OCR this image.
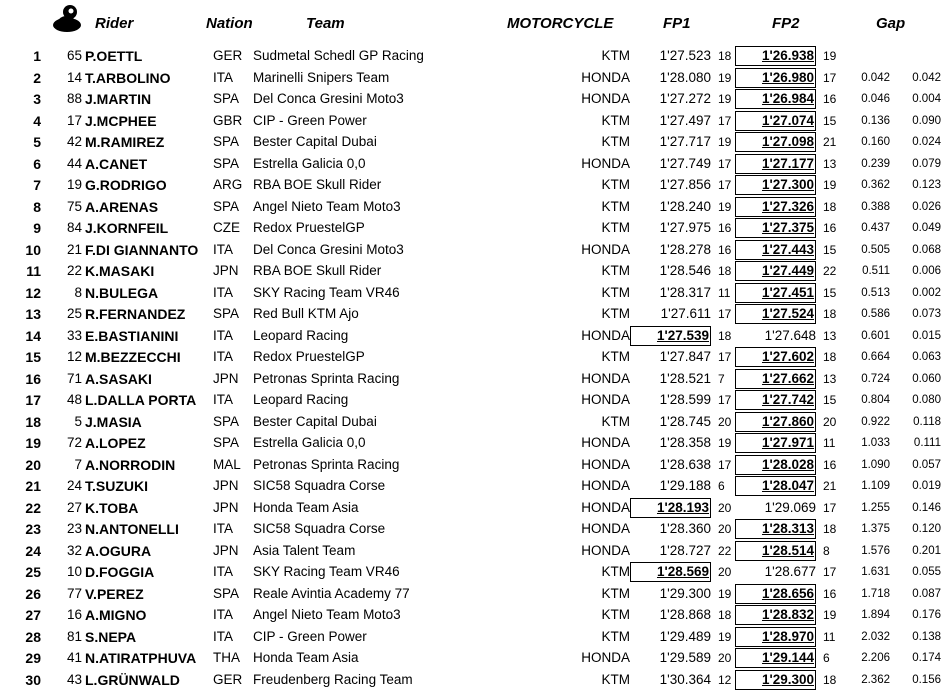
Rider	Nation	Team	MOTORCYCLE	FP1	FP2	Gap
1	65 P.OETTL	GER Sudmetal Schedl GP Racing	KTM 1'27.523 18	1'26.938 19
2	14 T.ARBOLINO	ITA Marinelli Snipers Team	HONDA 1'28.080 19	1'26.980 17 0.042 0.042
3	88 J.MARTIN	SPA Del Conca Gresini Moto3	HONDA 1'27.272 19	1'26.984 16 0.046 0.004
4	17 J.MCPHEE	GBR CIP - Green Power	KTM 1'27.497 17	1'27.074 15 0.136 0.090
5	42 M.RAMIREZ	SPA Bester Capital Dubai	KTM 1'27.717 19	1'27.098 21 0.160 0.024
6	44 A.CANET	SPA Estrella Galicia 0,0	HONDA 1'27.749 17	1'27.177 13 0.239 0.079
7	19 G.RODRIGO	ARG RBA BOE Skull Rider	KTM 1'27.856 17	1'27.300 19 0.362 0.123
8	75 A.ARENAS	SPA Angel Nieto Team Moto3	KTM 1'28.240 19	1'27.326 18 0.388 0.026
9	84 J.KORNFEIL	CZE Redox PruestelGP	KTM 1'27.975 16	1'27.375 16 0.437 0.049
10	21 F.DI GIANNANTO ITA Del Conca Gresini Moto3	HONDA 1'28.278 16	1'27.443 15 0.505 0.068
11	22 K.MASAKI	JPN RBA BOE Skull Rider	KTM 1'28.546 18	1'27.449 22 0.511 0.006
12	8 N.BULEGA	ITA SKY Racing Team VR46	KTM 1'28.317 11	1'27.451 15 0.513 0.002
13	25 R.FERNANDEZ SPA Red Bull KTM Ajo	KTM 1'27.611 17	1'27.524 18 0.586 0.073
14	33 E.BASTIANINI	ITA Leopard Racing	HONDA	1'27.539 18 1'27.648 13 0.601 0.015
15	12 M.BEZZECCHI ITA Redox PruestelGP	KTM 1'27.847 17	1'27.602 18 0.664 0.063
16	71 A.SASAKI	JPN Petronas Sprinta Racing	HONDA 1'28.521 7	1'27.662 13 0.724 0.060
17	48 L.DALLA PORTA ITA Leopard Racing	HONDA 1'28.599 17	1'27.742 15 0.804 0.080
18	5 J.MASIA	SPA Bester Capital Dubai	KTM 1'28.745 20	1'27.860 20 0.922 0.118
19	72 A.LOPEZ	SPA Estrella Galicia 0,0	HONDA 1'28.358 19	1'27.971 11 1.033 0.111
20	7 A.NORRODIN	MAL Petronas Sprinta Racing	HONDA 1'28.638 17	1'28.028 16 1.090 0.057
21	24 T.SUZUKI	JPN SIC58 Squadra Corse	HONDA 1'29.188 6	1'28.047 21 1.109 0.019
22	27 K.TOBA	JPN Honda Team Asia	HONDA	1'28.193 20 1'29.069 17 1.255 0.146
23	23 N.ANTONELLI	ITA SIC58 Squadra Corse	HONDA 1'28.360 20	1'28.313 18 1.375 0.120
24	32 A.OGURA	JPN Asia Talent Team	HONDA 1'28.727 22	1'28.514 8	1.576 0.201
25	10 D.FOGGIA	ITA SKY Racing Team VR46	KTM	1'28.569 20 1'28.677 17 1.631 0.055
26	77 V.PEREZ	SPA Reale Avintia Academy 77	KTM 1'29.300 19	1'28.656 16 1.718 0.087
27	16 A.MIGNO	ITA Angel Nieto Team Moto3	KTM 1'28.868 18	1'28.832 19 1.894 0.176
28	81 S.NEPA	ITA CIP - Green Power	KTM 1'29.489 19	1'28.970 11 2.032 0.138
29	41 N.ATIRATPHUVA THA Honda Team Asia	HONDA 1'29.589 20	1'29.144 6	2.206 0.174
30	43 L.GRÜNWALD GER Freudenberg Racing Team	KTM 1'30.364 12	1'29.300 18 2.362 0.156
